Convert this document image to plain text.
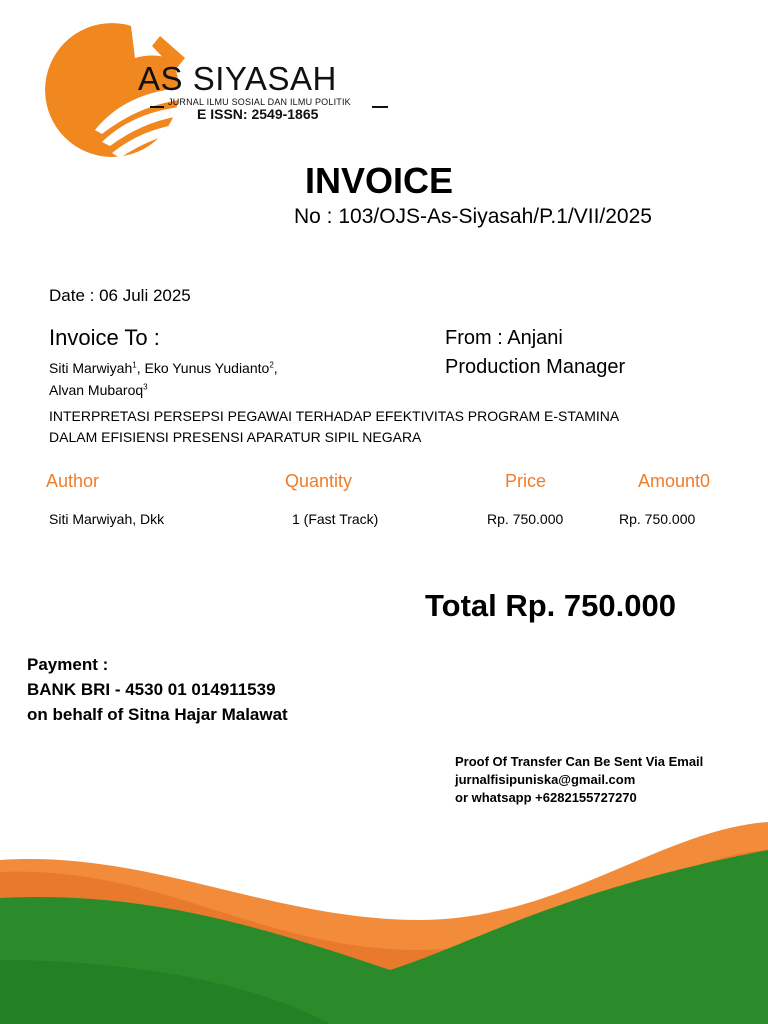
AS SIYASAH
JURNAL ILMU SOSIAL DAN ILMU POLITIK
E ISSN: 2549-1865
INVOICE
No : 103/OJS-As-Siyasah/P.1/VII/2025
Date : 06 Juli 2025
Invoice To :
Siti Marwiyah$^1$, Eko Yunus Yudianto$^2$,
Alvan Mubaroq$^3$
From : Anjani
Production Manager
INTERPRETASI PERSEPSI PEGAWAI TERHADAP EFEKTIVITAS PROGRAM E-STAMINA
DALAM EFISIENSI PRESENSI APARATUR SIPIL NEGARA
Author	Quantity	Price	Amount0
Siti Marwiyah, Dkk	1 (Fast Track)	Rp. 750.000	Rp. 750.000
Total Rp. 750.000
Payment :
BANK BRI - 4530 01 014911539
on behalf of Sitna Hajar Malawat
Proof Of Transfer Can Be Sent Via Email
jurnalfisipuniska@gmail.com
or whatsapp +6282155727270
